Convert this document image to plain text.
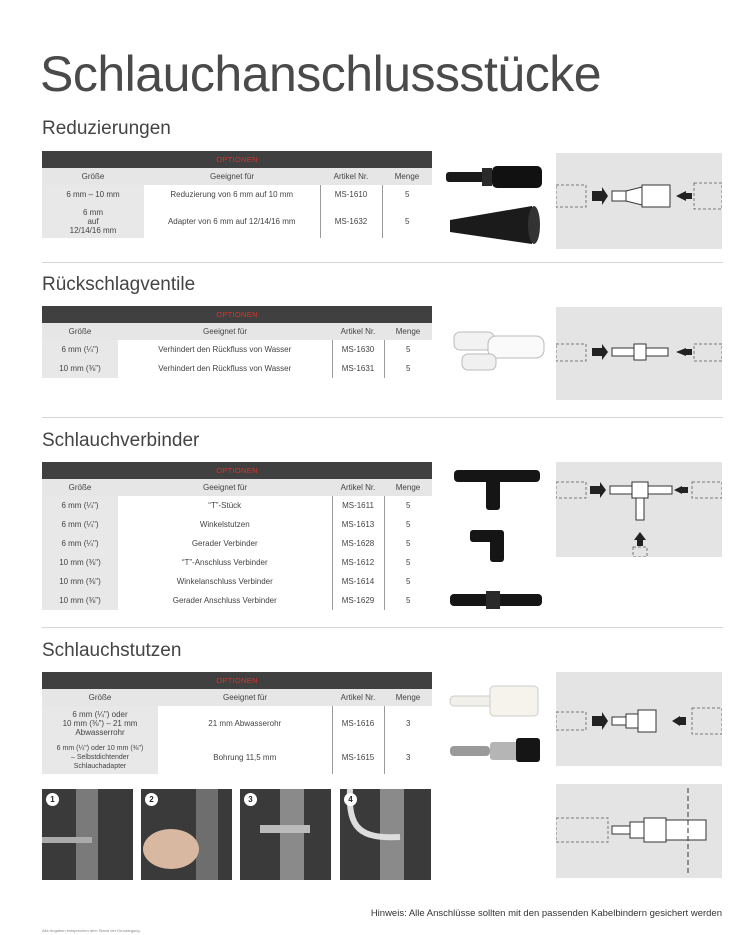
Schlauchanschlussstücke
Reduzierungen
OPTIONEN			
Größe	Geeignet für	Artikel Nr.	Menge
6 mm – 10 mm	Reduzierung von 6 mm auf 10 mm	MS-1610	5
6 mm
auf
12/14/16 mm	Adapter von 6 mm auf 12/14/16 mm	MS-1632	5
Rückschlagventile
OPTIONEN			
Größe	Geeignet für	Artikel Nr.	Menge
6 mm (¼")	Verhindert den Rückfluss von Wasser	MS-1630	5
10 mm (⅜")	Verhindert den Rückfluss von Wasser	MS-1631	5
Schlauchverbinder
OPTIONEN			
Größe	Geeignet für	Artikel Nr.	Menge
6 mm (¼")	“T”-Stück	MS-1611	5
6 mm (¼")	Winkelstutzen	MS-1613	5
6 mm (¼")	Gerader Verbinder	MS-1628	5
10 mm (⅜")	“T”-Anschluss Verbinder	MS-1612	5
10 mm (⅜")	Winkelanschluss Verbinder	MS-1614	5
10 mm (⅜")	Gerader Anschluss Verbinder	MS-1629	5
Schlauchstutzen
OPTIONEN			
Größe	Geeignet für	Artikel Nr.	Menge
6 mm (¼") oder
10 mm (⅜") – 21 mm
Abwasserrohr	21 mm Abwasserohr	MS-1616	3
6 mm (¼") oder 10 mm (⅜")
– Selbstdichtender
Schlauchadapter	Bohrung 11,5 mm	MS-1615	3
1	2	3	4
Hinweis: Alle Anschlüsse sollten mit den passenden Kabelbindern gesichert werden
Alle Angaben entsprechen dem Stand der Drucklegung.
